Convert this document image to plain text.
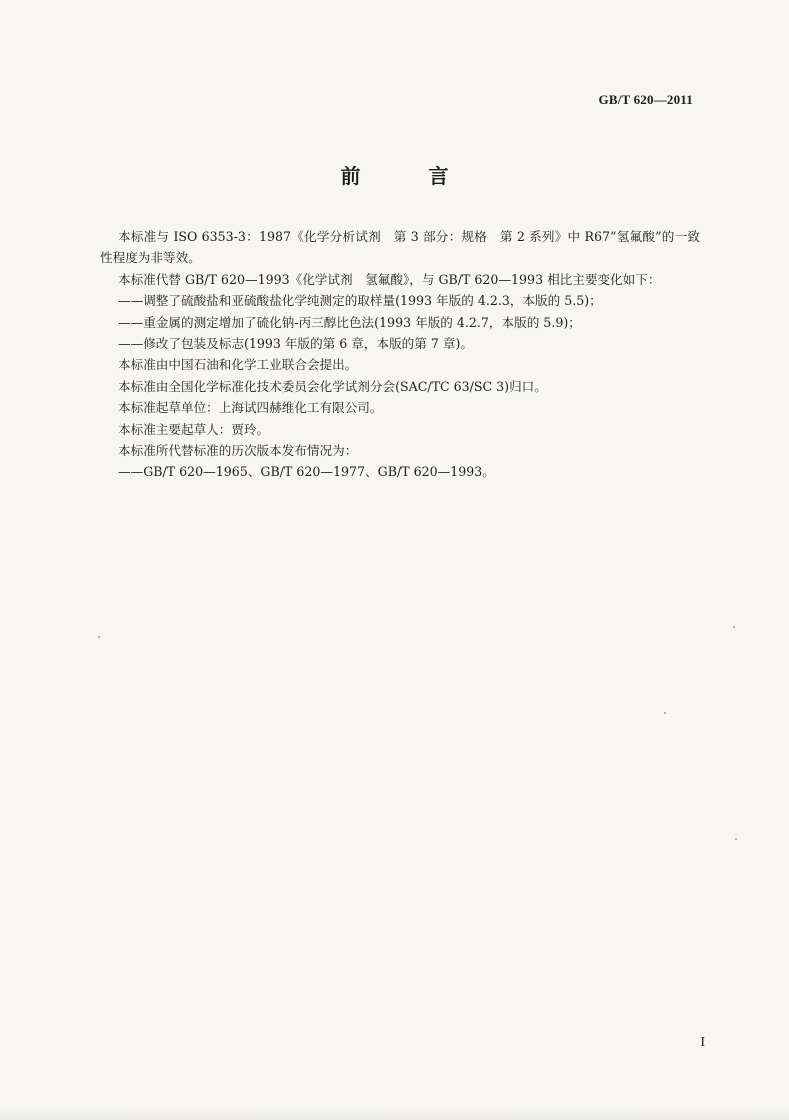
GB/T 620—2011
前　言

本标准与 ISO 6353-3：1987《化学分析试剂　第 3 部分：规格　第 2 系列》中 R67“氢氟酸”的一致性程度为非等效。

本标准代替 GB/T 620—1993《化学试剂　氢氟酸》，与 GB/T 620—1993 相比主要变化如下：

——调整了硫酸盐和亚硫酸盐化学纯测定的取样量(1993 年版的 4.2.3，本版的 5.5)；

——重金属的测定增加了硫化钠-丙三醇比色法(1993 年版的 4.2.7，本版的 5.9)；

——修改了包装及标志(1993 年版的第 6 章，本版的第 7 章)。

本标准由中国石油和化学工业联合会提出。

本标准由全国化学标准化技术委员会化学试剂分会(SAC/TC 63/SC 3)归口。

本标准起草单位：上海试四赫维化工有限公司。

本标准主要起草人：贾玲。

本标准所代替标准的历次版本发布情况为：

——GB/T 620—1965、GB/T 620—1977、GB/T 620—1993。

I
